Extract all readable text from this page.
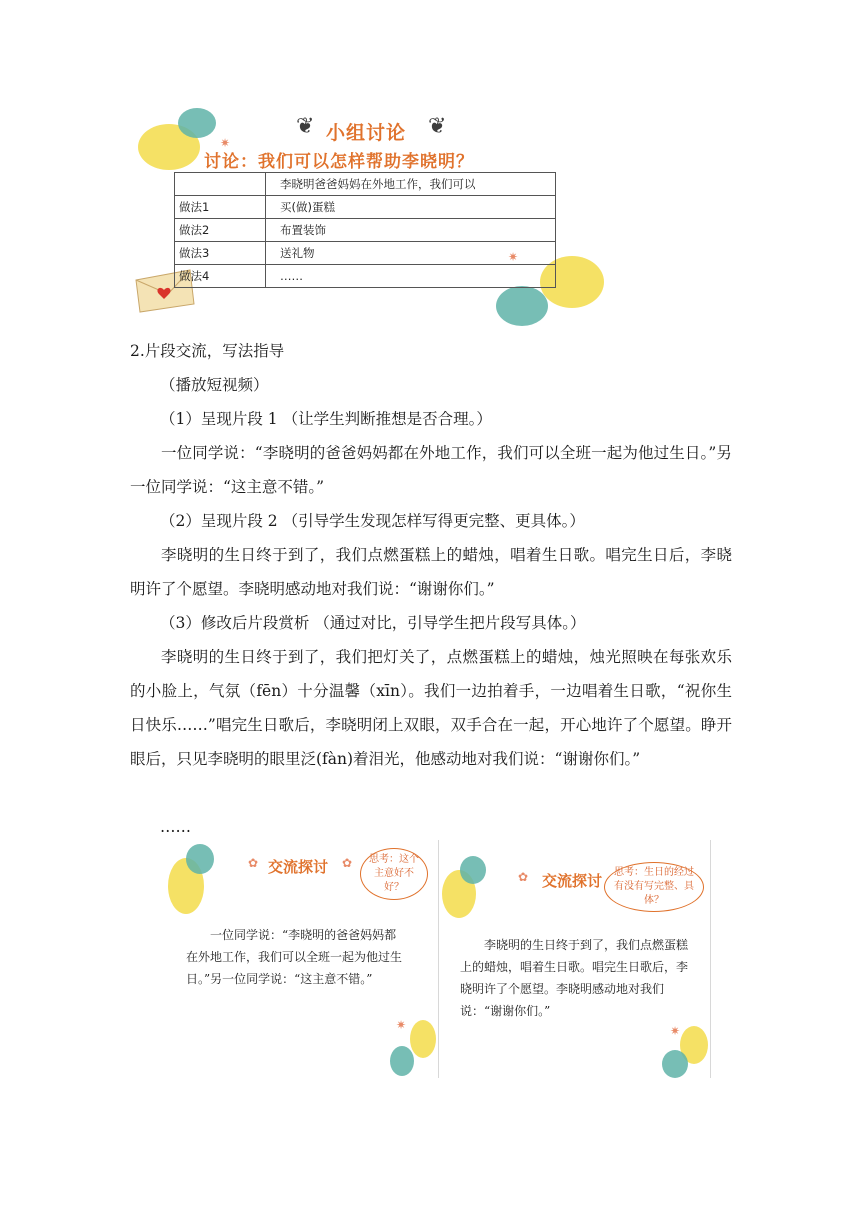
❦	❦
小组讨论
讨论：我们可以怎样帮助李晓明？
✷
✷
	李晓明爸爸妈妈在外地工作，我们可以
做法1	买(做)蛋糕
做法2	布置装饰
做法3	送礼物
做法4	……
2.片段交流，写法指导
（播放短视频）
（1）呈现片段 1 （让学生判断推想是否合理。）
一位同学说：“李晓明的爸爸妈妈都在外地工作，我们可以全班一起为他过生日。”另一位同学说：“这主意不错。”
（2）呈现片段 2 （引导学生发现怎样写得更完整、更具体。）
李晓明的生日终于到了，我们点燃蛋糕上的蜡烛，唱着生日歌。唱完生日后，李晓明许了个愿望。李晓明感动地对我们说：“谢谢你们。”
（3）修改后片段赏析 （通过对比，引导学生把片段写具体。）
李晓明的生日终于到了，我们把灯关了，点燃蛋糕上的蜡烛，烛光照映在每张欢乐的小脸上，气氛（fēn）十分温馨（xīn）。我们一边拍着手，一边唱着生日歌，“祝你生日快乐……”唱完生日歌后，李晓明闭上双眼，双手合在一起，开心地许了个愿望。睁开眼后，只见李晓明的眼里泛(fàn)着泪光，他感动地对我们说：“谢谢你们。”
……
✿	✿
✷
交流探讨	思考：这个主意好不好？
一位同学说：“李晓明的爸爸妈妈都在外地工作，我们可以全班一起为他过生日。”另一位同学说：“这主意不错。”
✿
✷
交流探讨	思考：生日的经过有没有写完整、具体？
李晓明的生日终于到了，我们点燃蛋糕上的蜡烛，唱着生日歌。唱完生日歌后，李晓明许了个愿望。李晓明感动地对我们说：“谢谢你们。”
